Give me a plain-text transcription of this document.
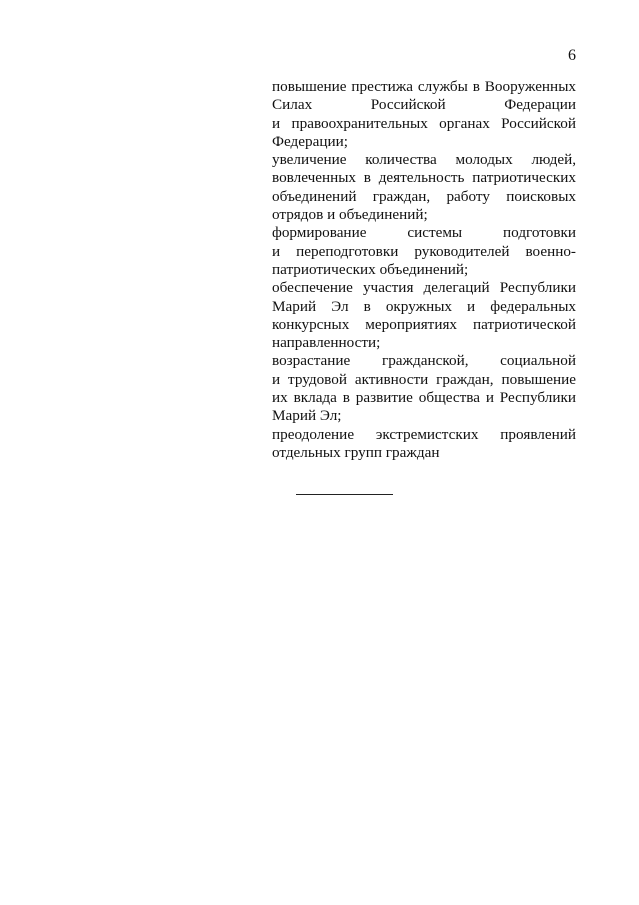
6
повышение престижа службы в Вооруженных
Силах Российской Федерации
и правоохранительных органах Российской
Федерации;
увеличение количества молодых людей,
вовлеченных в деятельность патриотических
объединений граждан, работу поисковых
отрядов и объединений;
формирование системы подготовки
и переподготовки руководителей военно-
патриотических объединений;
обеспечение участия делегаций Республики
Марий Эл в окружных и федеральных
конкурсных мероприятиях патриотической
направленности;
возрастание гражданской, социальной
и трудовой активности граждан, повышение
их вклада в развитие общества и Республики
Марий Эл;
преодоление экстремистских проявлений
отдельных групп граждан
